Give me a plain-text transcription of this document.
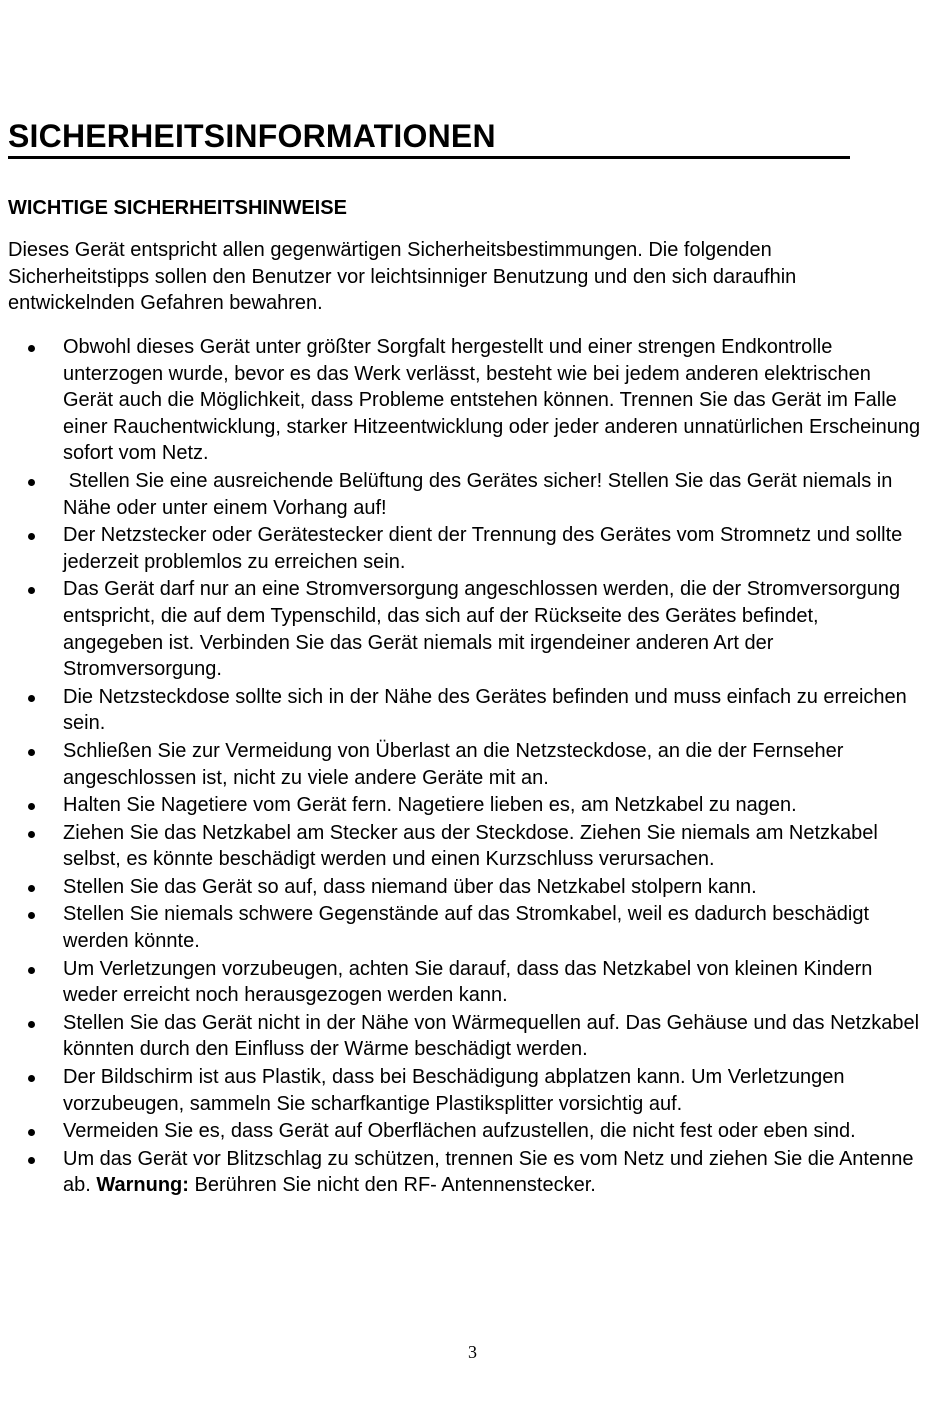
SICHERHEITSINFORMATIONEN
WICHTIGE SICHERHEITSHINWEISE

Dieses Gerät entspricht allen gegenwärtigen Sicherheitsbestimmungen. Die folgenden Sicherheitstipps sollen den Benutzer vor leichtsinniger Benutzung und den sich daraufhin entwickelnden Gefahren bewahren.

Obwohl dieses Gerät unter größter Sorgfalt hergestellt und einer strengen Endkontrolle unterzogen wurde, bevor es das Werk verlässt, besteht wie bei jedem anderen elektrischen Gerät auch die Möglichkeit, dass Probleme entstehen können. Trennen Sie das Gerät im Falle einer Rauchentwicklung, starker Hitzeentwicklung oder jeder anderen unnatürlichen Erscheinung sofort vom Netz.
Stellen Sie eine ausreichende Belüftung des Gerätes sicher! Stellen Sie das Gerät niemals in Nähe oder unter einem Vorhang auf!
Der Netzstecker oder Gerätestecker dient der Trennung des Gerätes vom Stromnetz und sollte jederzeit problemlos zu erreichen sein.
Das Gerät darf nur an eine Stromversorgung angeschlossen werden, die der Stromversorgung entspricht, die auf dem Typenschild, das sich auf der Rückseite des Gerätes befindet, angegeben ist. Verbinden Sie das Gerät niemals mit irgendeiner anderen Art der Stromversorgung.
Die Netzsteckdose sollte sich in der Nähe des Gerätes befinden und muss einfach zu erreichen sein.
Schließen Sie zur Vermeidung von Überlast an die Netzsteckdose, an die der Fernseher angeschlossen ist, nicht zu viele andere Geräte mit an.
Halten Sie Nagetiere vom Gerät fern. Nagetiere lieben es, am Netzkabel zu nagen.
Ziehen Sie das Netzkabel am Stecker aus der Steckdose. Ziehen Sie niemals am Netzkabel selbst, es könnte beschädigt werden und einen Kurzschluss verursachen.
Stellen Sie das Gerät so auf, dass niemand über das Netzkabel stolpern kann.
Stellen Sie niemals schwere Gegenstände auf das Stromkabel, weil es dadurch beschädigt werden könnte.
Um Verletzungen vorzubeugen, achten Sie darauf, dass das Netzkabel von kleinen Kindern weder erreicht noch herausgezogen werden kann.
Stellen Sie das Gerät nicht in der Nähe von Wärmequellen auf. Das Gehäuse und das Netzkabel könnten durch den Einfluss der Wärme beschädigt werden.
Der Bildschirm ist aus Plastik, dass bei Beschädigung abplatzen kann. Um Verletzungen vorzubeugen, sammeln Sie scharfkantige Plastiksplitter vorsichtig auf.
Vermeiden Sie es, dass Gerät auf Oberflächen aufzustellen, die nicht fest oder eben sind.
Um das Gerät vor Blitzschlag zu schützen, trennen Sie es vom Netz und ziehen Sie die Antenne ab. Warnung: Berühren Sie nicht den RF- Antennenstecker.
3
